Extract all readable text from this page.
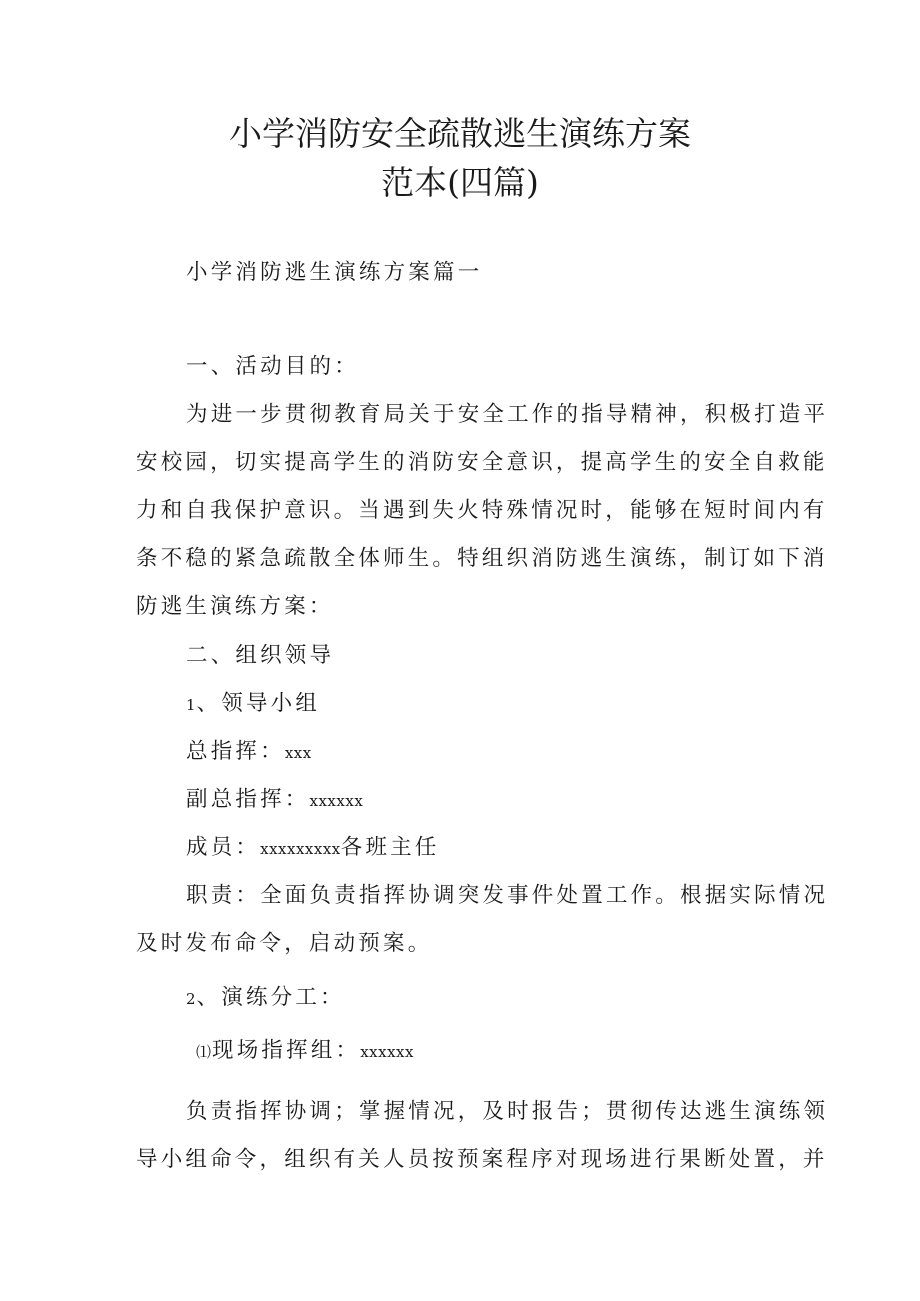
小学消防安全疏散逃生演练方案
范本(四篇)
小学消防逃生演练方案篇一
一、活动目的：
为进一步贯彻教育局关于安全工作的指导精神，积极打造平
安校园，切实提高学生的消防安全意识，提高学生的安全自救能
力和自我保护意识。当遇到失火特殊情况时，能够在短时间内有
条不稳的紧急疏散全体师生。特组织消防逃生演练，制订如下消
防逃生演练方案：
二、组织领导
1、领导小组
总指挥：xxx
副总指挥：xxxxxx
成员：xxxxxxxxx各班主任
职责：全面负责指挥协调突发事件处置工作。根据实际情况
及时发布命令，启动预案。
2、演练分工：
⑴现场指挥组：xxxxxx
负责指挥协调；掌握情况，及时报告；贯彻传达逃生演练领
导小组命令，组织有关人员按预案程序对现场进行果断处置，并
